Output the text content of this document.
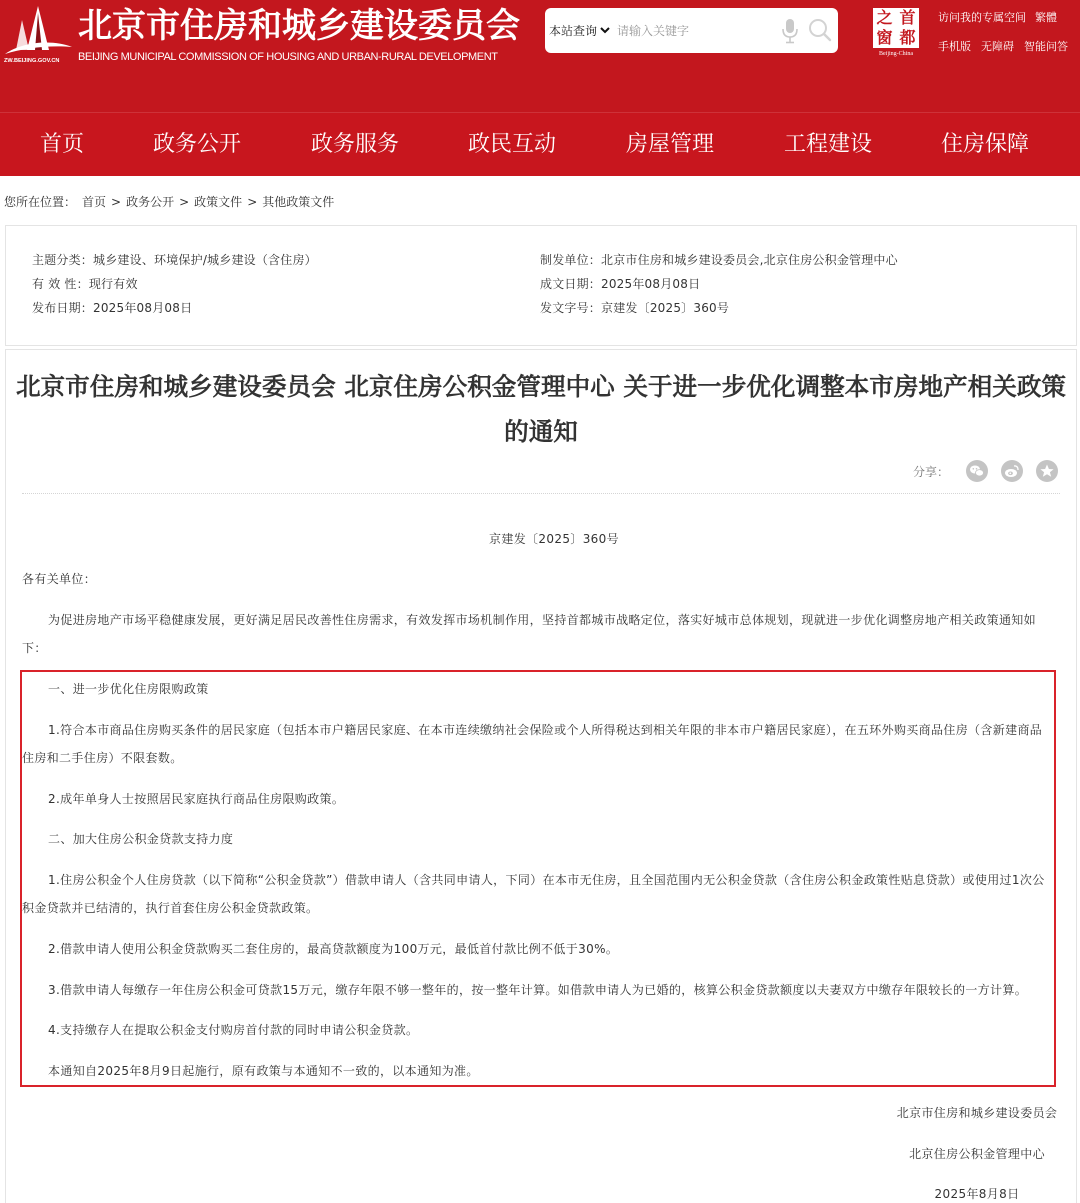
ZW.BEIJING.GOV.CN
北京市住房和城乡建设委员会
BEIJING MUNICIPAL COMMISSION OF HOUSING AND URBAN-RURAL DEVELOPMENT
本站查询
请输入关键字
之 首
窗 都
Beijing-China
访问我的专属空间 繁體
手机版 无障碍 智能问答
首页	政务公开	政务服务	政民互动	房屋管理	工程建设	住房保障
您所在位置： 首页 > 政务公开 > 政策文件 > 其他政策文件
主题分类：城乡建设、环境保护/城乡建设（含住房）
有 效 性：现行有效
发布日期：2025年08月08日
制发单位：北京市住房和城乡建设委员会,北京住房公积金管理中心
成文日期：2025年08月08日
发文字号：京建发〔2025〕360号
北京市住房和城乡建设委员会 北京住房公积金管理中心 关于进一步优化调整本市房地产相关政策的通知
分享：

京建发〔2025〕360号

各有关单位：

为促进房地产市场平稳健康发展，更好满足居民改善性住房需求，有效发挥市场机制作用，坚持首都城市战略定位，落实好城市总体规划，现就进一步优化调整房地产相关政策通知如下：

一、进一步优化住房限购政策

1.符合本市商品住房购买条件的居民家庭（包括本市户籍居民家庭、在本市连续缴纳社会保险或个人所得税达到相关年限的非本市户籍居民家庭），在五环外购买商品住房（含新建商品住房和二手住房）不限套数。

2.成年单身人士按照居民家庭执行商品住房限购政策。

二、加大住房公积金贷款支持力度

1.住房公积金个人住房贷款（以下简称“公积金贷款”）借款申请人（含共同申请人，下同）在本市无住房，且全国范围内无公积金贷款（含住房公积金政策性贴息贷款）或使用过1次公积金贷款并已结清的，执行首套住房公积金贷款政策。

2.借款申请人使用公积金贷款购买二套住房的，最高贷款额度为100万元，最低首付款比例不低于30%。

3.借款申请人每缴存一年住房公积金可贷款15万元，缴存年限不够一整年的，按一整年计算。如借款申请人为已婚的，核算公积金贷款额度以夫妻双方中缴存年限较长的一方计算。

4.支持缴存人在提取公积金支付购房首付款的同时申请公积金贷款。

本通知自2025年8月9日起施行，原有政策与本通知不一致的，以本通知为准。

北京市住房和城乡建设委员会

北京住房公积金管理中心

2025年8月8日
